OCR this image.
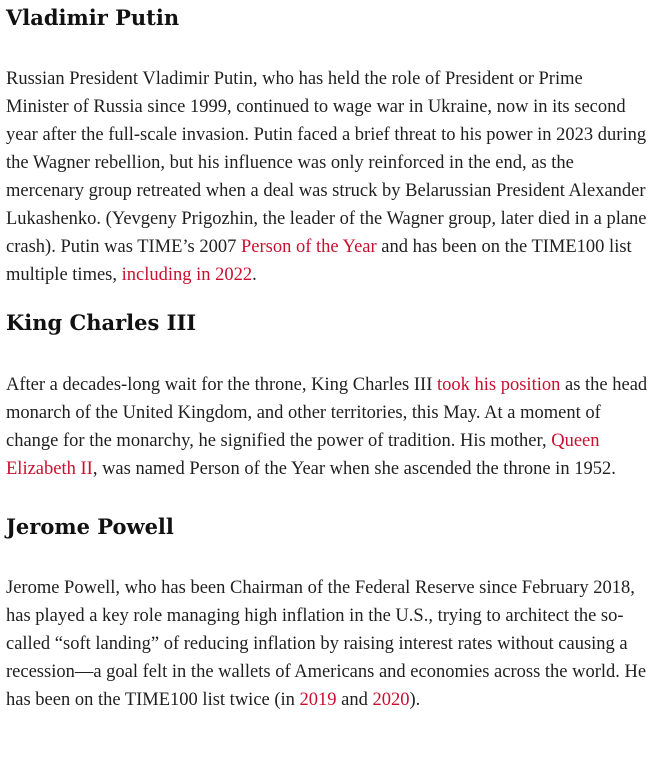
Vladimir Putin

Russian President Vladimir Putin, who has held the role of President or Prime Minister of Russia since 1999, continued to wage war in Ukraine, now in its second year after the full-scale invasion. Putin faced a brief threat to his power in 2023 during the Wagner rebellion, but his influence was only reinforced in the end, as the mercenary group retreated when a deal was struck by Belarussian President Alexander Lukashenko. (Yevgeny Prigozhin, the leader of the Wagner group, later died in a plane crash). Putin was TIME’s 2007 Person of the Year and has been on the TIME100 list multiple times, including in 2022.

King Charles III

After a decades-long wait for the throne, King Charles III took his position as the head monarch of the United Kingdom, and other territories, this May. At a moment of change for the monarchy, he signified the power of tradition. His mother, Queen Elizabeth II, was named Person of the Year when she ascended the throne in 1952.

Jerome Powell

Jerome Powell, who has been Chairman of the Federal Reserve since February 2018, has played a key role managing high inflation in the U.S., trying to architect the so-called “soft landing” of reducing inflation by raising interest rates without causing a recession—a goal felt in the wallets of Americans and economies across the world. He has been on the TIME100 list twice (in 2019 and 2020).
